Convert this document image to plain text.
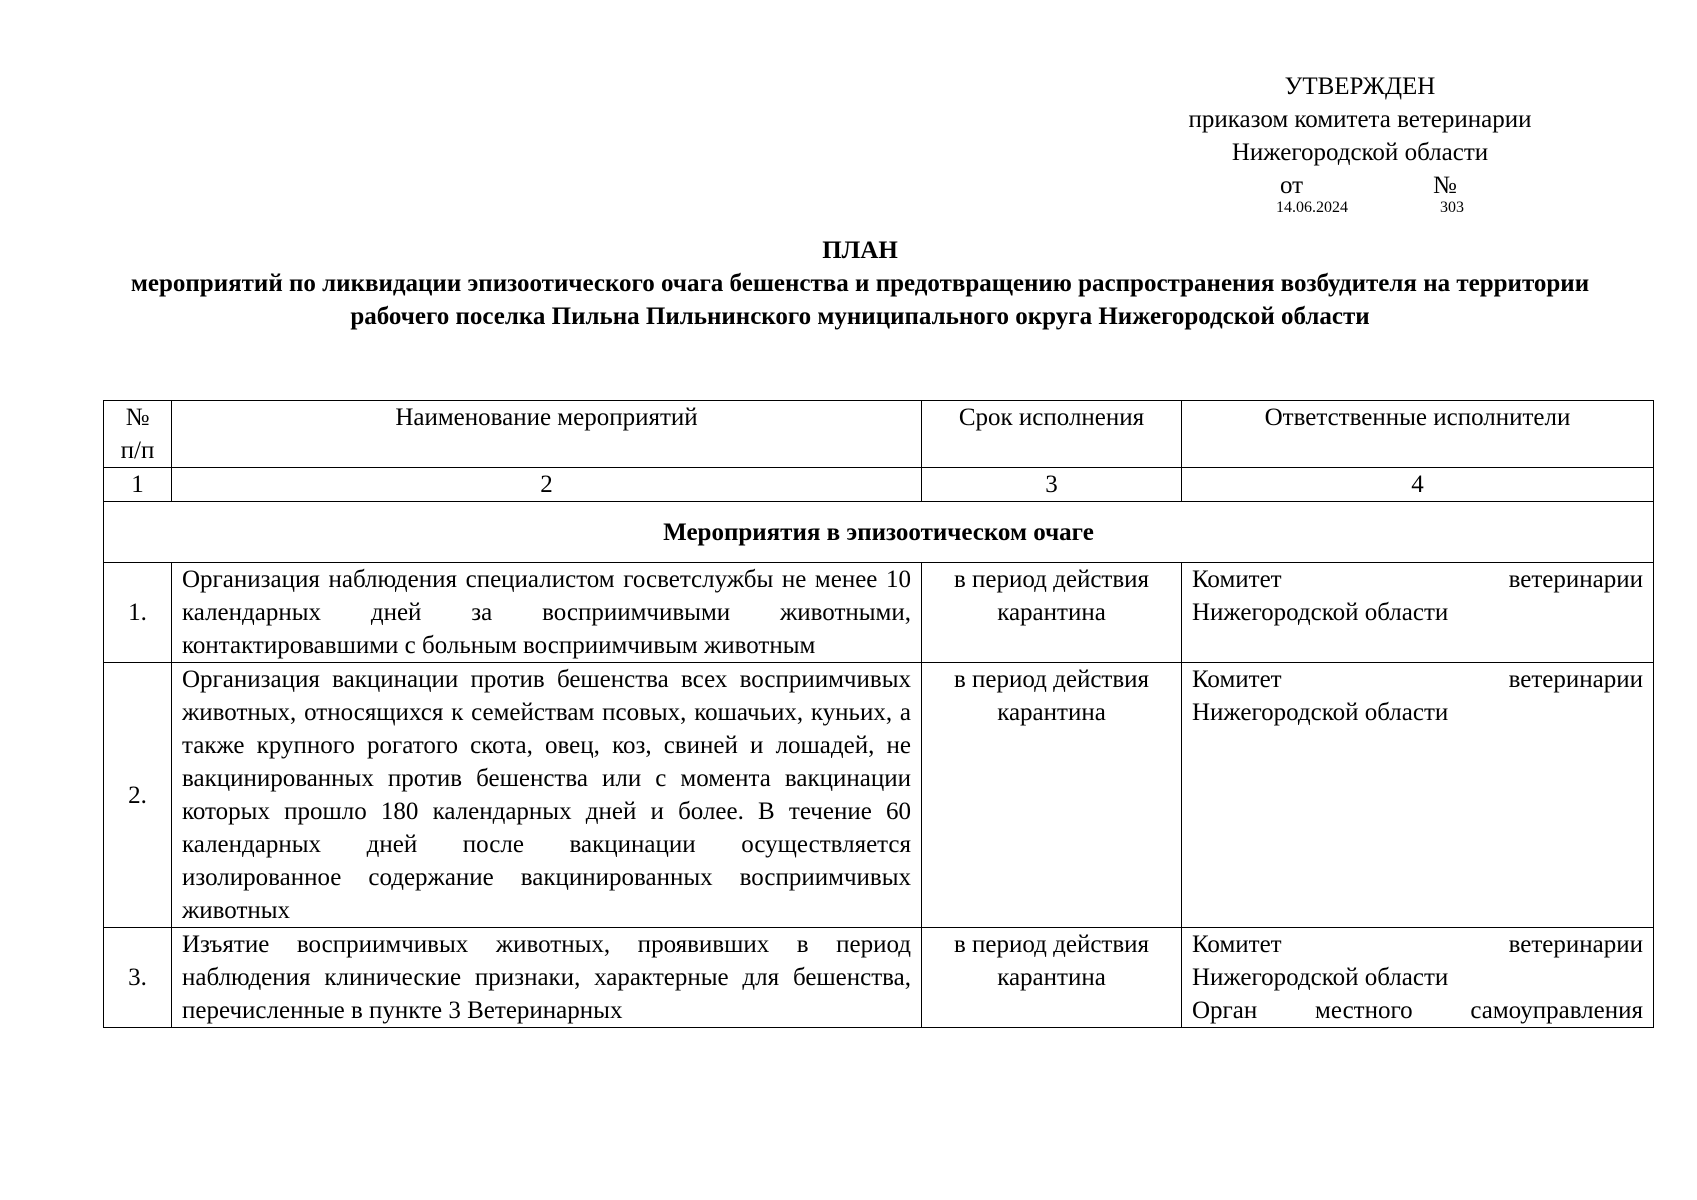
УТВЕРЖДЕН
приказом комитета ветеринарии
Нижегородской области
от
14.06.2024
№
303
ПЛАН
мероприятий по ликвидации эпизоотического очага бешенства и предотвращению распространения возбудителя на территории рабочего поселка Пильна Пильнинского муниципального округа Нижегородской области
№ п/п	Наименование мероприятий	Срок исполнения	Ответственные исполнители
1	2	3	4
Мероприятия в эпизоотическом очаге			
1.	Организация наблюдения специалистом госветслужбы не менее 10 календарных дней за восприимчивыми животными, контактировавшими с больным восприимчивым животным	в период действия карантина	Комитет ветеринарии
Нижегородской области
2.	Организация вакцинации против бешенства всех восприимчивых животных, относящихся к семействам псовых, кошачьих, куньих, а также крупного рогатого скота, овец, коз, свиней и лошадей, не вакцинированных против бешенства или с момента вакцинации которых прошло 180 календарных дней и более. В течение 60 календарных дней после вакцинации осуществляется изолированное содержание вакцинированных восприимчивых животных	в период действия карантина	Комитет ветеринарии
Нижегородской области
3.	Изъятие восприимчивых животных, проявивших в период наблюдения клинические признаки, характерные для бешенства, перечисленные в пункте 3 Ветеринарных	в период действия карантина	Комитет ветеринарии
Нижегородской области
Орган местного самоуправления
